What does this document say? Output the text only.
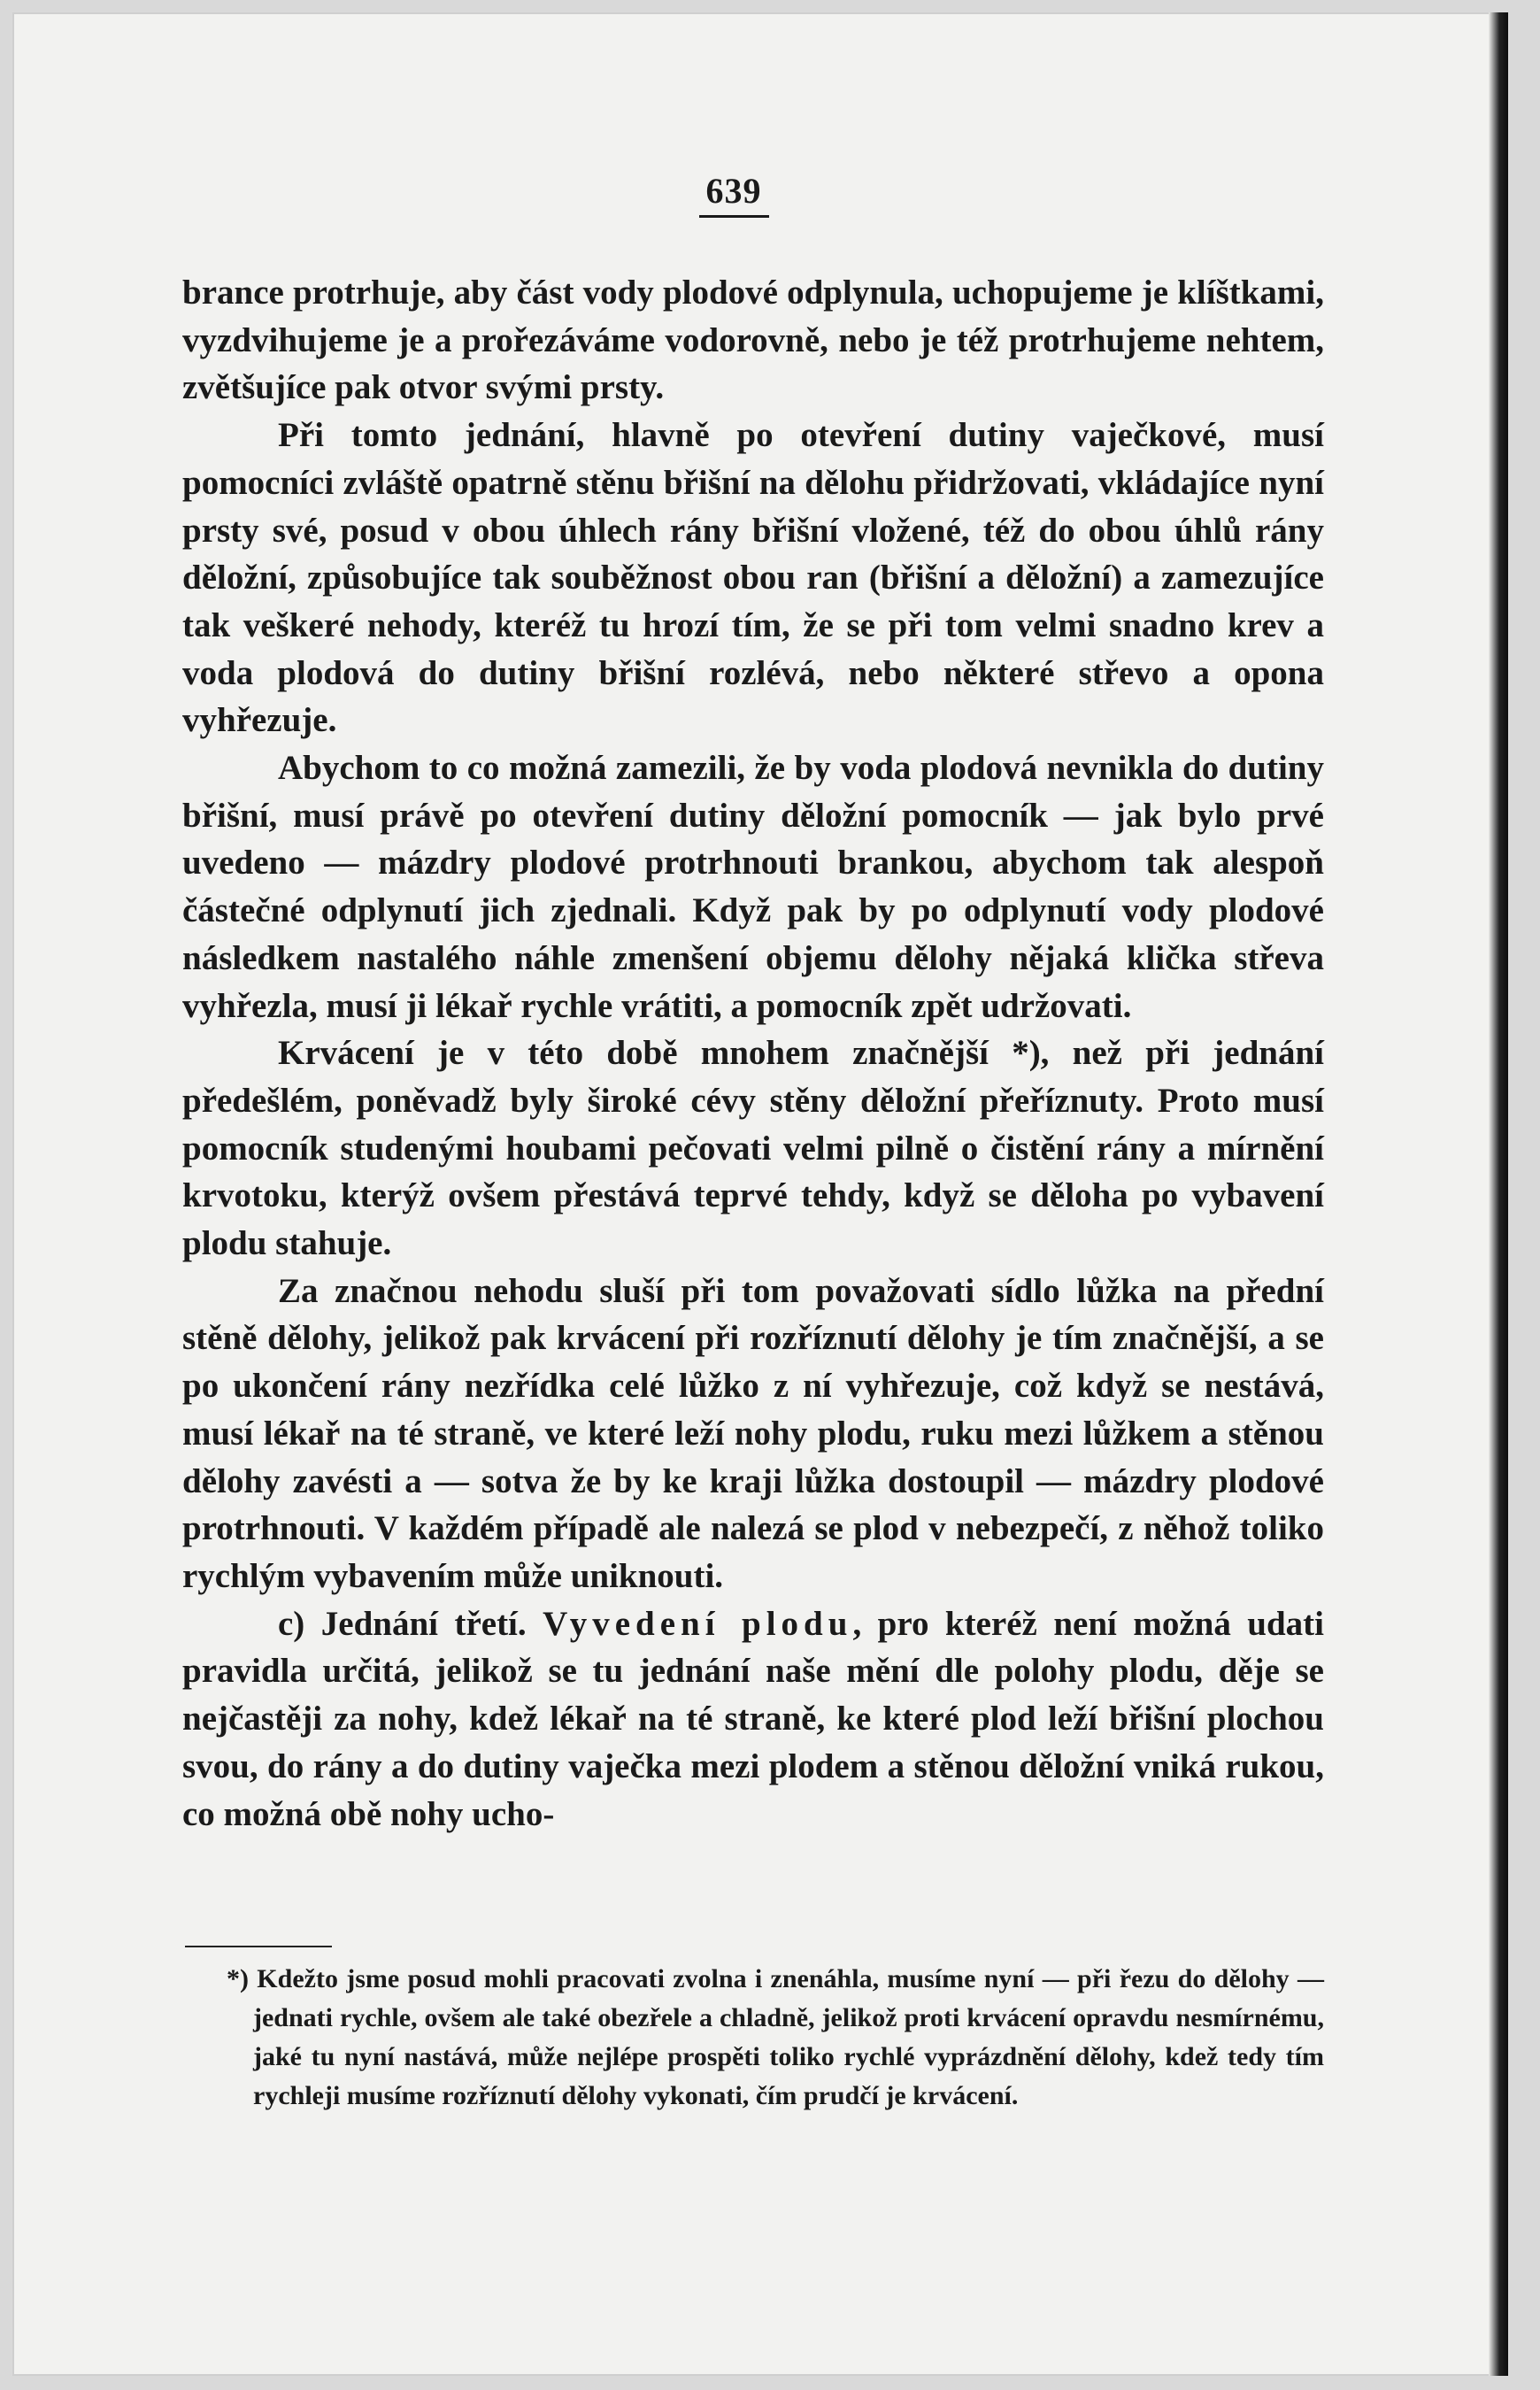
639

brance protrhuje, aby část vody plodové odplynula, uchopujeme je klíštkami, vyzdvihujeme je a prořezáváme vodorovně, nebo je též protrhujeme nehtem, zvětšujíce pak otvor svými prsty.

Při tomto jednání, hlavně po otevření dutiny vaječkové, musí pomocníci zvláště opatrně stěnu břišní na dělohu přidržovati, vkládajíce nyní prsty své, posud v obou úhlech rány břišní vložené, též do obou úhlů rány děložní, způsobujíce tak souběžnost obou ran (břišní a děložní) a zamezujíce tak veškeré nehody, kteréž tu hrozí tím, že se při tom velmi snadno krev a voda plodová do dutiny břišní rozlévá, nebo některé střevo a opona vyhřezuje.

Abychom to co možná zamezili, že by voda plodová nevnikla do dutiny břišní, musí právě po otevření dutiny děložní pomocník — jak bylo prvé uvedeno — mázdry plodové protrhnouti brankou, abychom tak alespoň částečné odplynutí jich zjednali. Když pak by po odplynutí vody plodové následkem nastalého náhle zmenšení objemu dělohy nějaká klička střeva vyhřezla, musí ji lékař rychle vrátiti, a pomocník zpět udržovati.

Krvácení je v této době mnohem značnější *), než při jednání předešlém, poněvadž byly široké cévy stěny děložní přeříznuty. Proto musí pomocník studenými houbami pečovati velmi pilně o čistění rány a mírnění krvotoku, kterýž ovšem přestává teprvé tehdy, když se děloha po vybavení plodu stahuje.

Za značnou nehodu sluší při tom považovati sídlo lůžka na přední stěně dělohy, jelikož pak krvácení při rozříznutí dělohy je tím značnější, a se po ukončení rány nezřídka celé lůžko z ní vyhřezuje, což když se nestává, musí lékař na té straně, ve které leží nohy plodu, ruku mezi lůžkem a stěnou dělohy zavésti a — sotva že by ke kraji lůžka dostoupil — mázdry plodové protrhnouti. V každém případě ale nalezá se plod v nebezpečí, z něhož toliko rychlým vybavením může uniknouti.

c) Jednání třetí. Vyvedení plodu, pro kteréž není možná udati pravidla určitá, jelikož se tu jednání naše mění dle polohy plodu, děje se nejčastěji za nohy, kdež lékař na té straně, ke které plod leží břišní plochou svou, do rány a do dutiny vaječka mezi plodem a stěnou děložní vniká rukou, co možná obě nohy ucho-

*) Kdežto jsme posud mohli pracovati zvolna i znenáhla, musíme nyní — při řezu do dělohy — jednati rychle, ovšem ale také obezřele a chladně, jelikož proti krvácení opravdu nesmírnému, jaké tu nyní nastává, může nejlépe prospěti toliko rychlé vyprázdnění dělohy, kdež tedy tím rychleji musíme rozříznutí dělohy vykonati, čím prudčí je krvácení.
